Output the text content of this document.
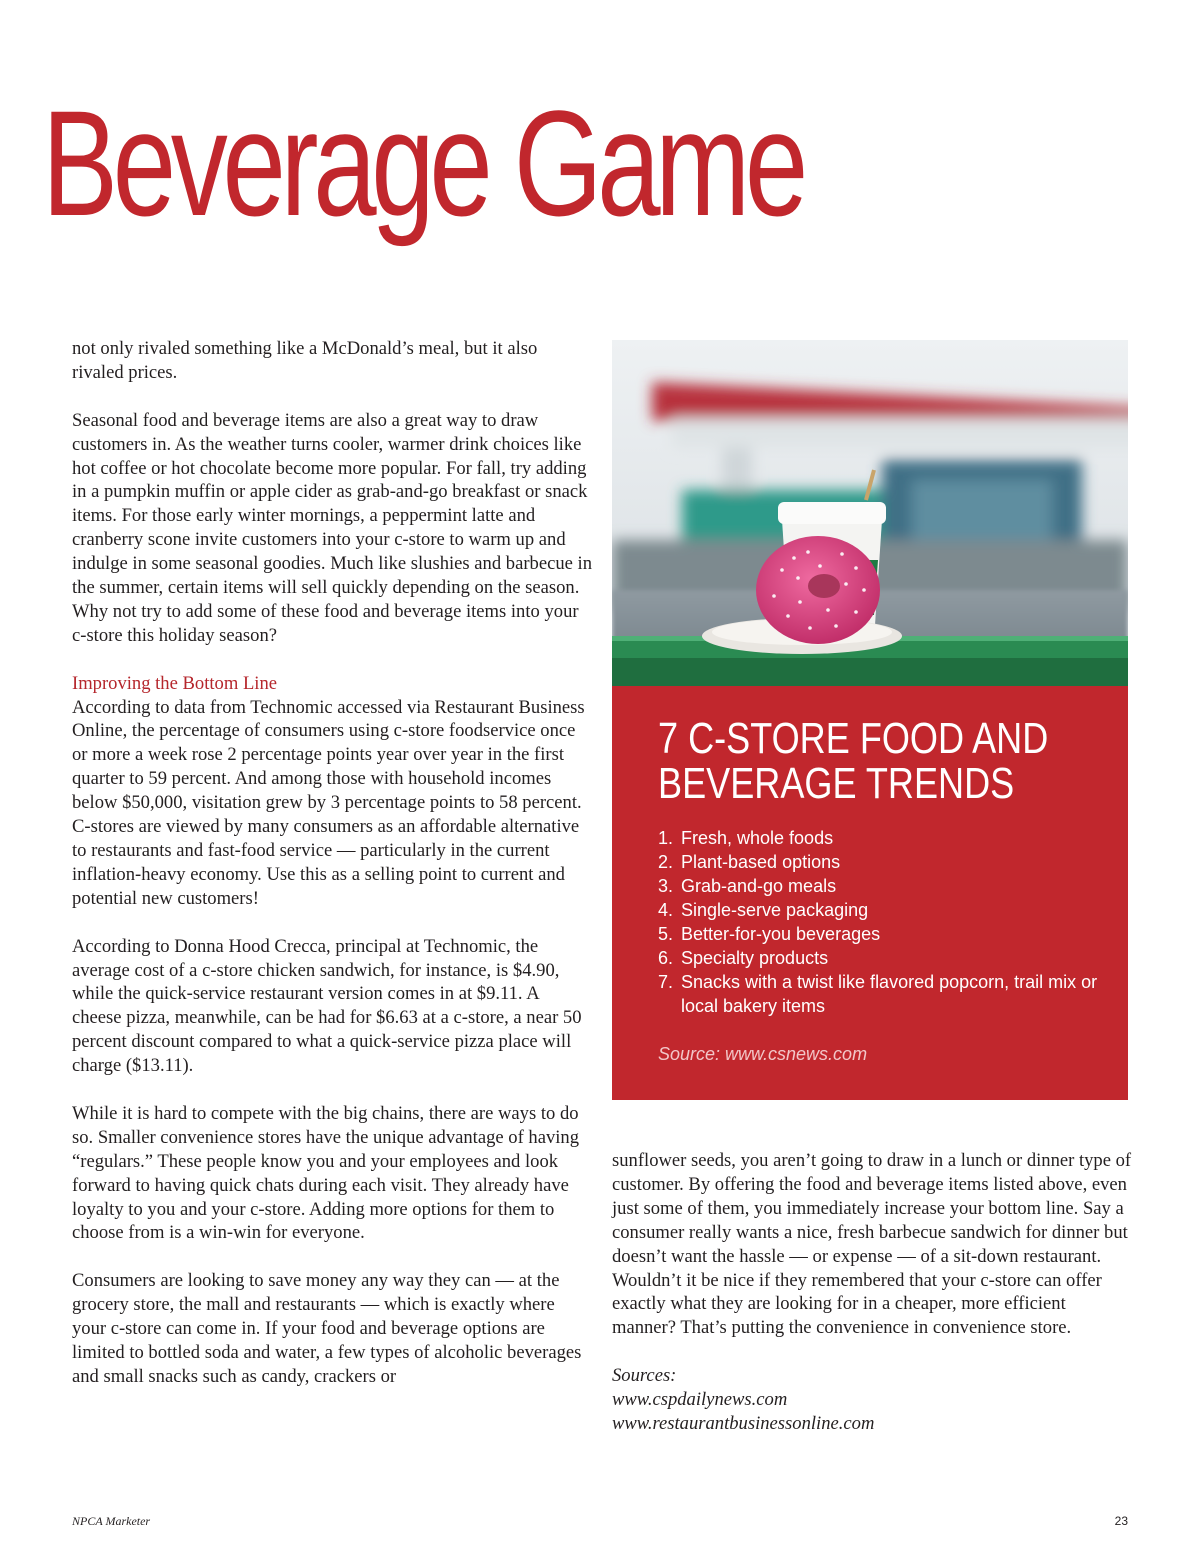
Beverage Game

not only rivaled something like a McDonald’s meal, but it also rivaled prices.

Seasonal food and beverage items are also a great way to draw customers in. As the weather turns cooler, warmer drink choices like hot coffee or hot chocolate become more popular. For fall, try adding in a pumpkin muffin or apple cider as grab-and-go breakfast or snack items. For those early winter mornings, a peppermint latte and cranberry scone invite customers into your c-store to warm up and indulge in some seasonal goodies. Much like slushies and barbecue in the summer, certain items will sell quickly depending on the season. Why not try to add some of these food and beverage items into your c-store this holiday season?

Improving the Bottom Line

According to data from Technomic accessed via Restaurant Business Online, the percentage of consumers using c-store foodservice once or more a week rose 2 percentage points year over year in the first quarter to 59 percent. And among those with household incomes below $50,000, visitation grew by 3 percentage points to 58 percent. C-stores are viewed by many consumers as an affordable alternative to restaurants and fast-food service — particularly in the current inflation-heavy economy. Use this as a selling point to current and potential new customers!

According to Donna Hood Crecca, principal at Technomic, the average cost of a c-store chicken sandwich, for instance, is $4.90, while the quick-service restaurant version comes in at $9.11. A cheese pizza, meanwhile, can be had for $6.63 at a c-store, a near 50 percent discount compared to what a quick-service pizza place will charge ($13.11).

While it is hard to compete with the big chains, there are ways to do so. Smaller convenience stores have the unique advantage of having “regulars.” These people know you and your employees and look forward to having quick chats during each visit. They already have loyalty to you and your c-store. Adding more options for them to choose from is a win-win for everyone.

Consumers are looking to save money any way they can — at the grocery store, the mall and restaurants — which is exactly where your c-store can come in. If your food and beverage options are limited to bottled soda and water, a few types of alcoholic beverages and small snacks such as candy, crackers or

7 C-STORE FOOD AND
BEVERAGE TRENDS
1. Fresh, whole foods
2. Plant-based options
3. Grab-and-go meals
4. Single-serve packaging
5. Better-for-you beverages
6. Specialty products
7. Snacks with a twist like flavored popcorn, trail mix or local bakery items
Source: www.csnews.com

sunflower seeds, you aren’t going to draw in a lunch or dinner type of customer. By offering the food and beverage items listed above, even just some of them, you immediately increase your bottom line. Say a consumer really wants a nice, fresh barbecue sandwich for dinner but doesn’t want the hassle — or expense — of a sit-down restaurant. Wouldn’t it be nice if they remembered that your c-store can offer exactly what they are looking for in a cheaper, more efficient manner? That’s putting the convenience in convenience store.

Sources:
www.cspdailynews.com
www.restaurantbusinessonline.com
NPCA Marketer	23
